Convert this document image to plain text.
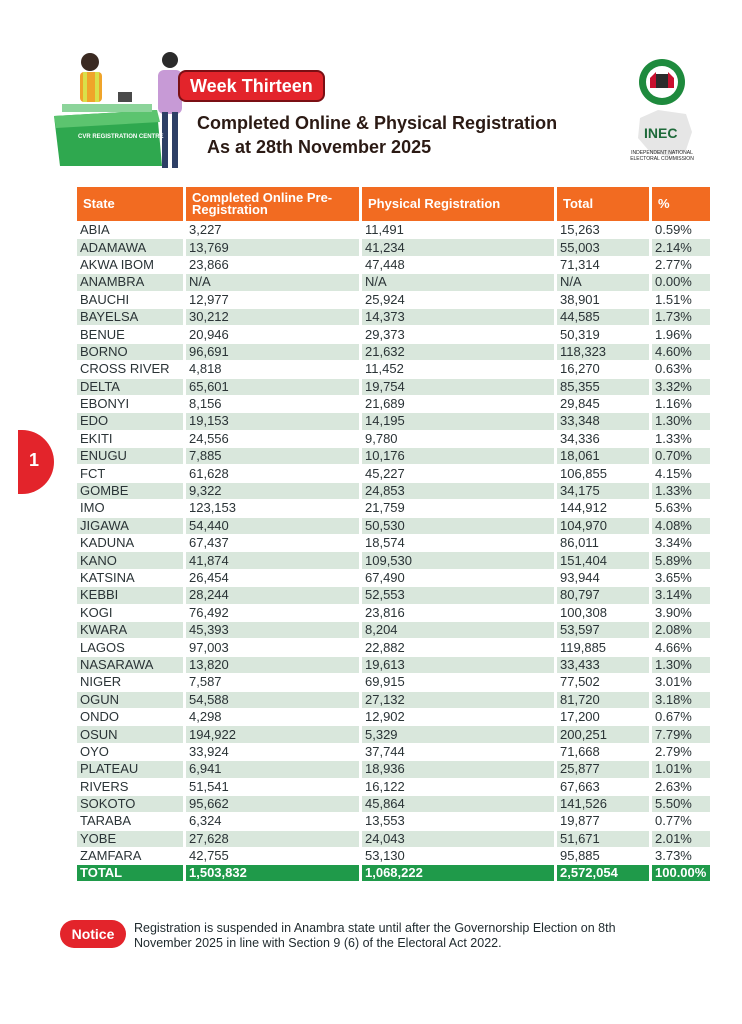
CVR REGISTRATION CENTRE
Week Thirteen
Completed Online & Physical Registration
As at 28th November 2025
INEC
INDEPENDENT NATIONAL ELECTORAL COMMISSION
1
State	Completed Online Pre-Registration	Physical Registration	Total	%
ABIA	3,227	11,491	15,263	0.59%
ADAMAWA	13,769	41,234	55,003	2.14%
AKWA IBOM	23,866	47,448	71,314	2.77%
ANAMBRA	N/A	N/A	N/A	0.00%
BAUCHI	12,977	25,924	38,901	1.51%
BAYELSA	30,212	14,373	44,585	1.73%
BENUE	20,946	29,373	50,319	1.96%
BORNO	96,691	21,632	118,323	4.60%
CROSS RIVER	4,818	11,452	16,270	0.63%
DELTA	65,601	19,754	85,355	3.32%
EBONYI	8,156	21,689	29,845	1.16%
EDO	19,153	14,195	33,348	1.30%
EKITI	24,556	9,780	34,336	1.33%
ENUGU	7,885	10,176	18,061	0.70%
FCT	61,628	45,227	106,855	4.15%
GOMBE	9,322	24,853	34,175	1.33%
IMO	123,153	21,759	144,912	5.63%
JIGAWA	54,440	50,530	104,970	4.08%
KADUNA	67,437	18,574	86,011	3.34%
KANO	41,874	109,530	151,404	5.89%
KATSINA	26,454	67,490	93,944	3.65%
KEBBI	28,244	52,553	80,797	3.14%
KOGI	76,492	23,816	100,308	3.90%
KWARA	45,393	8,204	53,597	2.08%
LAGOS	97,003	22,882	119,885	4.66%
NASARAWA	13,820	19,613	33,433	1.30%
NIGER	7,587	69,915	77,502	3.01%
OGUN	54,588	27,132	81,720	3.18%
ONDO	4,298	12,902	17,200	0.67%
OSUN	194,922	5,329	200,251	7.79%
OYO	33,924	37,744	71,668	2.79%
PLATEAU	6,941	18,936	25,877	1.01%
RIVERS	51,541	16,122	67,663	2.63%
SOKOTO	95,662	45,864	141,526	5.50%
TARABA	6,324	13,553	19,877	0.77%
YOBE	27,628	24,043	51,671	2.01%
ZAMFARA	42,755	53,130	95,885	3.73%
TOTAL	1,503,832	1,068,222	2,572,054	100.00%
Notice	Registration is suspended in Anambra state until after the Governorship Election on 8th November 2025 in line with Section 9 (6) of the Electoral Act 2022.
